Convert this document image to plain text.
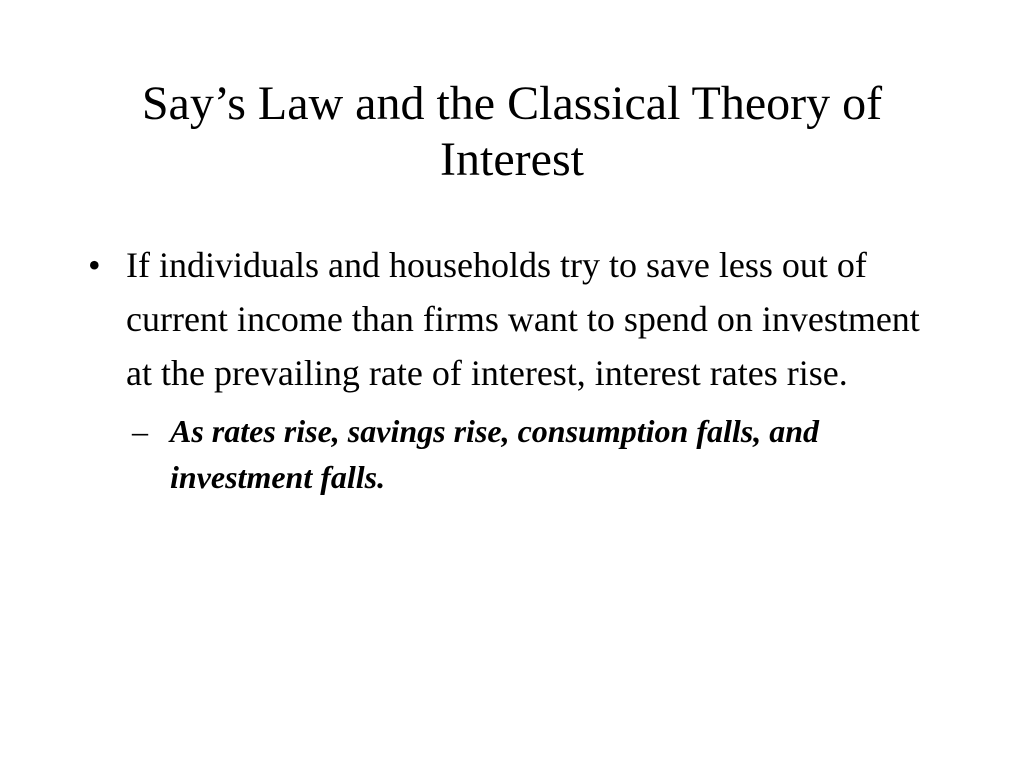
Say’s Law and the Classical Theory of Interest
• If individuals and households try to save less out of current income than firms want to spend on investment at the prevailing rate of interest, interest rates rise.
– As rates rise, savings rise, consumption falls, and investment falls.
